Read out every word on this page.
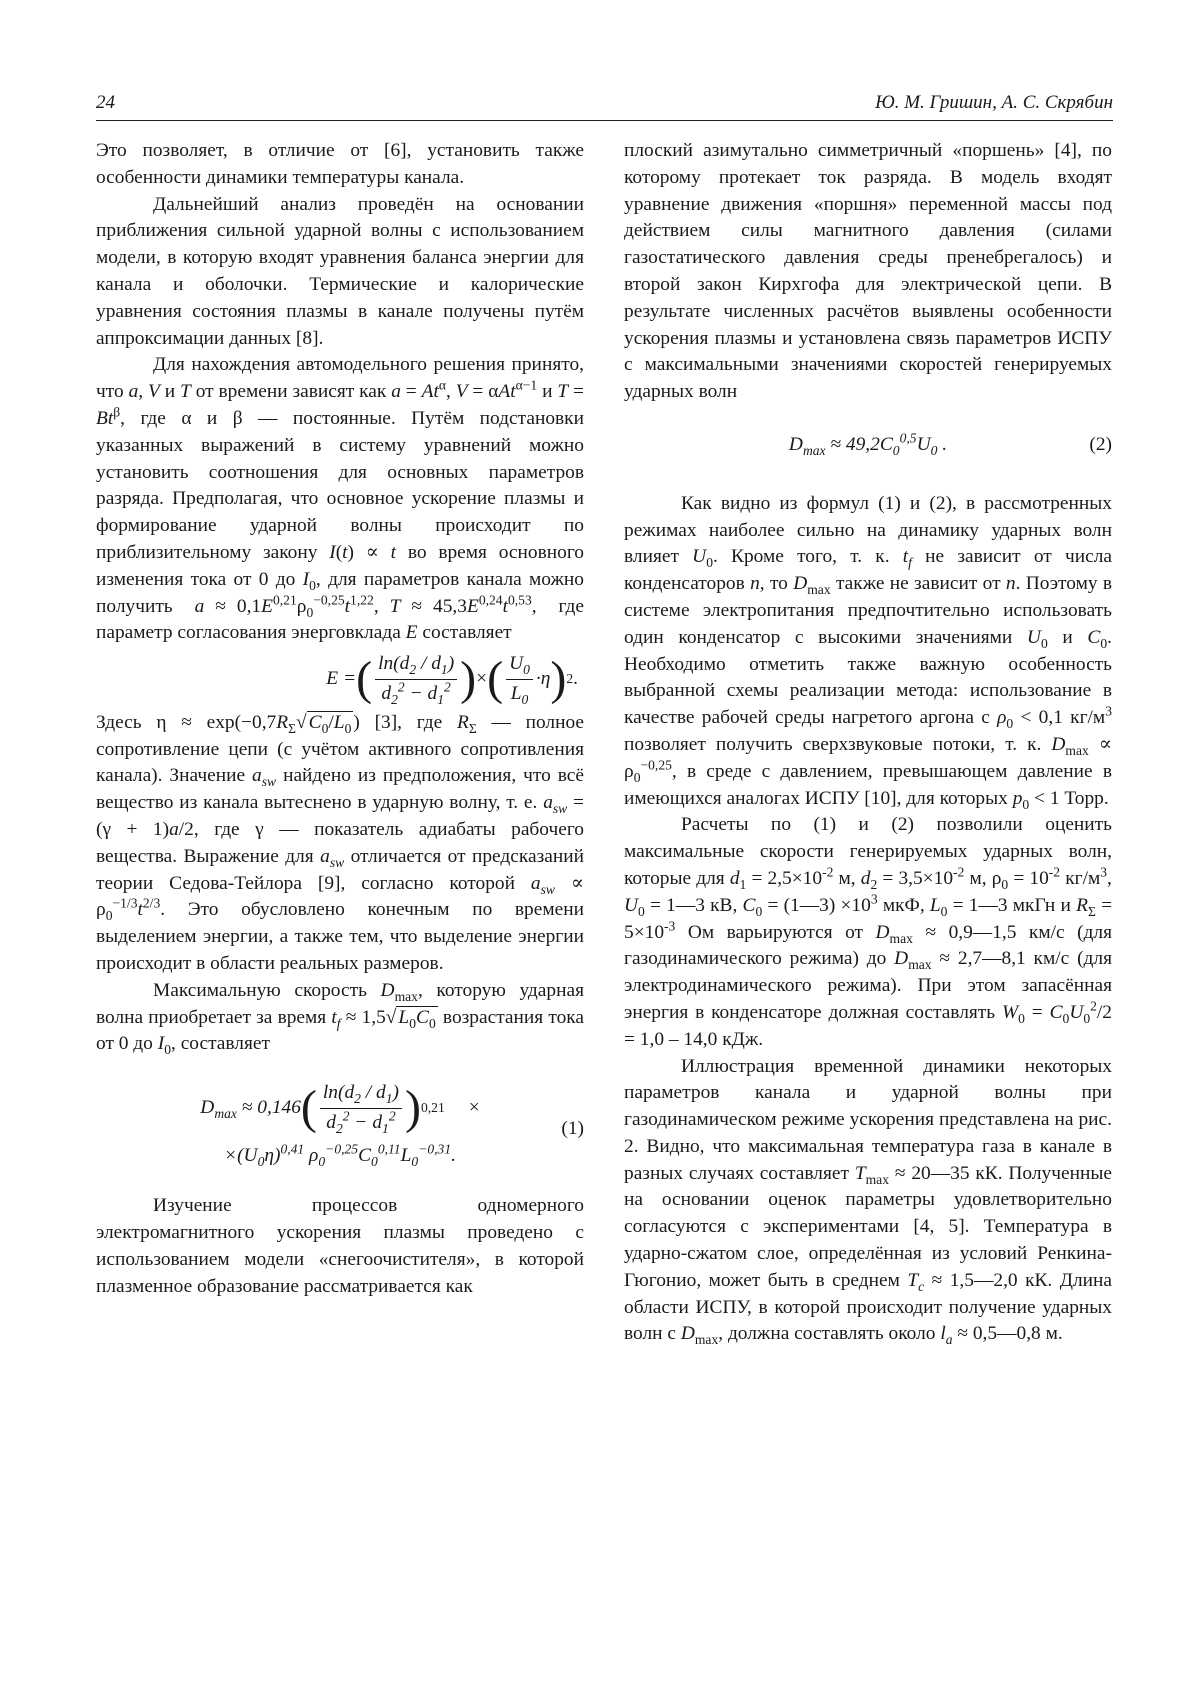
24	Ю. М. Гришин, А. С. Скрябин

Это позволяет, в отличие от [6], установить также особенности динамики температуры канала.

Дальнейший анализ проведён на основании приближения сильной ударной волны с использованием модели, в которую входят уравнения баланса энергии для канала и оболочки. Термические и калорические уравнения состояния плазмы в канале получены путём аппроксимации данных [8].

Для нахождения автомодельного решения принято, что a, V и T от времени зависят как $a = At^\alpha$, V = αAt$^{\alpha-1}$ и $T = Bt^\beta$, где α и β — постоянные. Путём подстановки указанных выражений в систему уравнений можно установить соотношения для основных параметров разряда. Предполагая, что основное ускорение плазмы и формирование ударной волны происходит по приблизительному закону I(t) ∝ t во время основного изменения тока от 0 до $I_0$, для параметров канала можно получить $a \approx 0,1E^{0,21}\rho_0^{-0,25}t^{1,22}$, $T \approx 45,3E^{0,24}t^{0,53}$,  где параметр согласования энерговклада E составляет

E = ( $\frac{\ln(d_2 / d_1)}{d_2^2 - d_1^2}$ ) × ( $\frac{U_0}{L_0} \cdot\eta$ ) 2 .

Здесь $\eta \approx \exp(-0,7R_\Sigma√$ $C_0/L_0$ ) [3], где $R_\Sigma$ — полное сопротивление цепи (с учётом активного сопротивления канала). Значение $a_{sw}$ найдено из предположения, что всё вещество из канала вытеснено в ударную волну, т. е. $a_{sw} = (\gamma + 1)a/2$, где γ — показатель адиабаты рабочего вещества. Выражение для $a_{sw}$ отличается от предсказаний теории Седова-Тейлора [9], согласно которой $a_{sw} \propto \rho_0^{-1/3}t^{2/3}$. Это обусловлено конечным по времени выделением энергии, а также тем, что выделение энергии происходит в области реальных размеров.

Максимальную скорость $D_{max}$, которую ударная волна приобретает за время $t_f \approx 1,5√$ $L_0C_0$ возрастания тока от 0 до $I_0$, составляет

$D_{max} \approx 0,146$ ( $\frac{\ln(d_2 / d_1)}{d_2^2 - d_1^2}$ ) 0,21 ×
$\times(U_0\eta)^{0,41}$ $\rho_0^{-0,25}C_0^{0,11}L_0^{-0,31}$.
(1)

Изучение процессов одномерного электромагнитного ускорения плазмы проведено с использованием модели «снегоочистителя», в которой плазменное образование рассматривается как

плоский азимутально симметричный «поршень» [4], по которому протекает ток разряда. В модель входят уравнение движения «поршня» переменной массы под действием силы магнитного давления (силами газостатического давления среды пренебрегалось) и второй закон Кирхгофа для электрической цепи. В результате численных расчётов выявлены особенности ускорения плазмы и установлена связь параметров ИСПУ с максимальными значениями скоростей генерируемых ударных волн

$D_{max} \approx 49,2C_0^{0,5}U_0$ .	(2)

Как видно из формул (1) и (2), в рассмотренных режимах наиболее сильно на динамику ударных волн влияет $U_0$. Кроме того, т. к. $t_f$ не зависит от числа конденсаторов n, то $D_{max}$ также не зависит от n. Поэтому в системе электропитания предпочтительно использовать один конденсатор с высокими значениями $U_0$ и $C_0$. Необходимо отметить также важную особенность выбранной схемы реализации метода: использование в качестве рабочей среды нагретого аргона с $\rho_0 < 0,1$ $кг/м^3$ позволяет получить сверхзвуковые потоки, т. к. $D_{max} \propto \rho_0^{-0,25}$, в среде с давлением, превышающем давление в имеющихся аналогах ИСПУ [10], для которых $p_0 < 1$ Торр.

Расчеты по (1) и (2) позволили оценить максимальные скорости генерируемых ударных волн, которые для $d_1 = 2,5\times 10^{-2}$ м, $d_2 = 3,5\times 10^{-2}$ м, $\rho_0 = 10^{-2}$ $кг/м^3$, $U_0$ = 1—3 кВ, $C_0$ = (1—3) $\times 10^3$ мкФ, $L_0$ = 1—3 мкГн и $R_\Sigma = 5\times 10^{-3}$ Ом варьируются от $D_{max}$ ≈ 0,9—1,5 км/с (для газодинамического режима) до $D_{max}$ ≈ 2,7—8,1 км/с (для электродинамического режима). При этом запасённая энергия в конденсаторе должная составлять $W_0 = C_0U_0^2/2 = 1,0 - 14,0$ кДж.

Иллюстрация временной динамики некоторых параметров канала и ударной волны при газодинамическом режиме ускорения представлена на рис. 2. Видно, что максимальная температура газа в канале в разных случаях составляет $T_{max}$ ≈ 20—35 кК. Полученные на основании оценок параметры удовлетворительно согласуются с экспериментами [4, 5]. Температура в ударно-сжатом слое, определённая из условий Ренкина-Гюгонио, может быть в среднем $T_c$ ≈ 1,5—2,0 кК. Длина области ИСПУ, в которой происходит получение ударных волн с $D_{max}$, должна составлять около $l_a$ ≈ 0,5—0,8 м.
